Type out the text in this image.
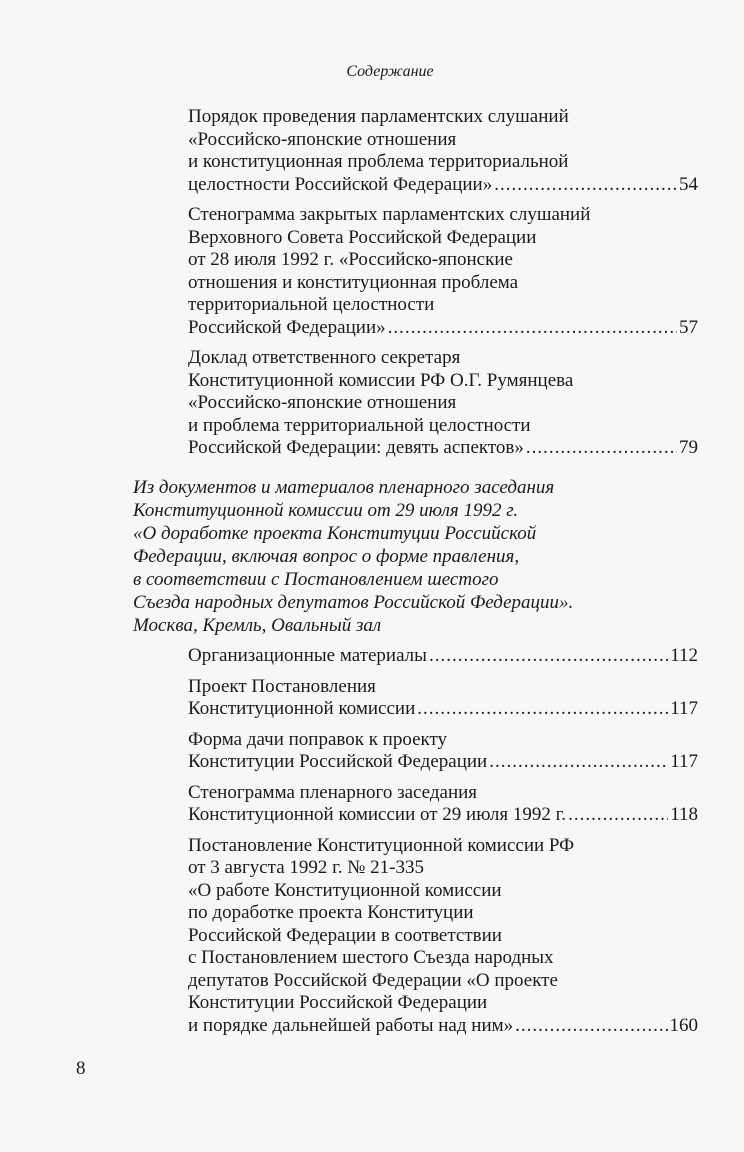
Содержание
Порядок проведения парламентских слушаний
«Российско-японские отношения
и конституционная проблема территориальной
целостности Российской Федерации» .....	54
Стенограмма закрытых парламентских слушаний
Верховного Совета Российской Федерации
от 28 июля 1992 г. «Российско-японские
отношения и конституционная проблема
территориальной целостности
Российской Федерации» .....	57
Доклад ответственного секретаря
Конституционной комиссии РФ О.Г. Румянцева
«Российско-японские отношения
и проблема территориальной целостности
Российской Федерации: девять аспектов» .....	79
Из документов и материалов пленарного заседания
Конституционной комиссии от 29 июля 1992 г.
«О доработке проекта Конституции Российской
Федерации, включая вопрос о форме правления,
в соответствии с Постановлением шестого
Съезда народных депутатов Российской Федерации».
Москва, Кремль, Овальный зал
Организационные материалы .....	112
Проект Постановления
Конституционной комиссии .....	117
Форма дачи поправок к проекту
Конституции Российской Федерации .....	117
Стенограмма пленарного заседания
Конституционной комиссии от 29 июля 1992 г. .....	118
Постановление Конституционной комиссии РФ
от 3 августа 1992 г. № 21-335
«О работе Конституционной комиссии
по доработке проекта Конституции
Российской Федерации в соответствии
с Постановлением шестого Съезда народных
депутатов Российской Федерации «О проекте
Конституции Российской Федерации
и порядке дальнейшей работы над ним» .....	160
8
